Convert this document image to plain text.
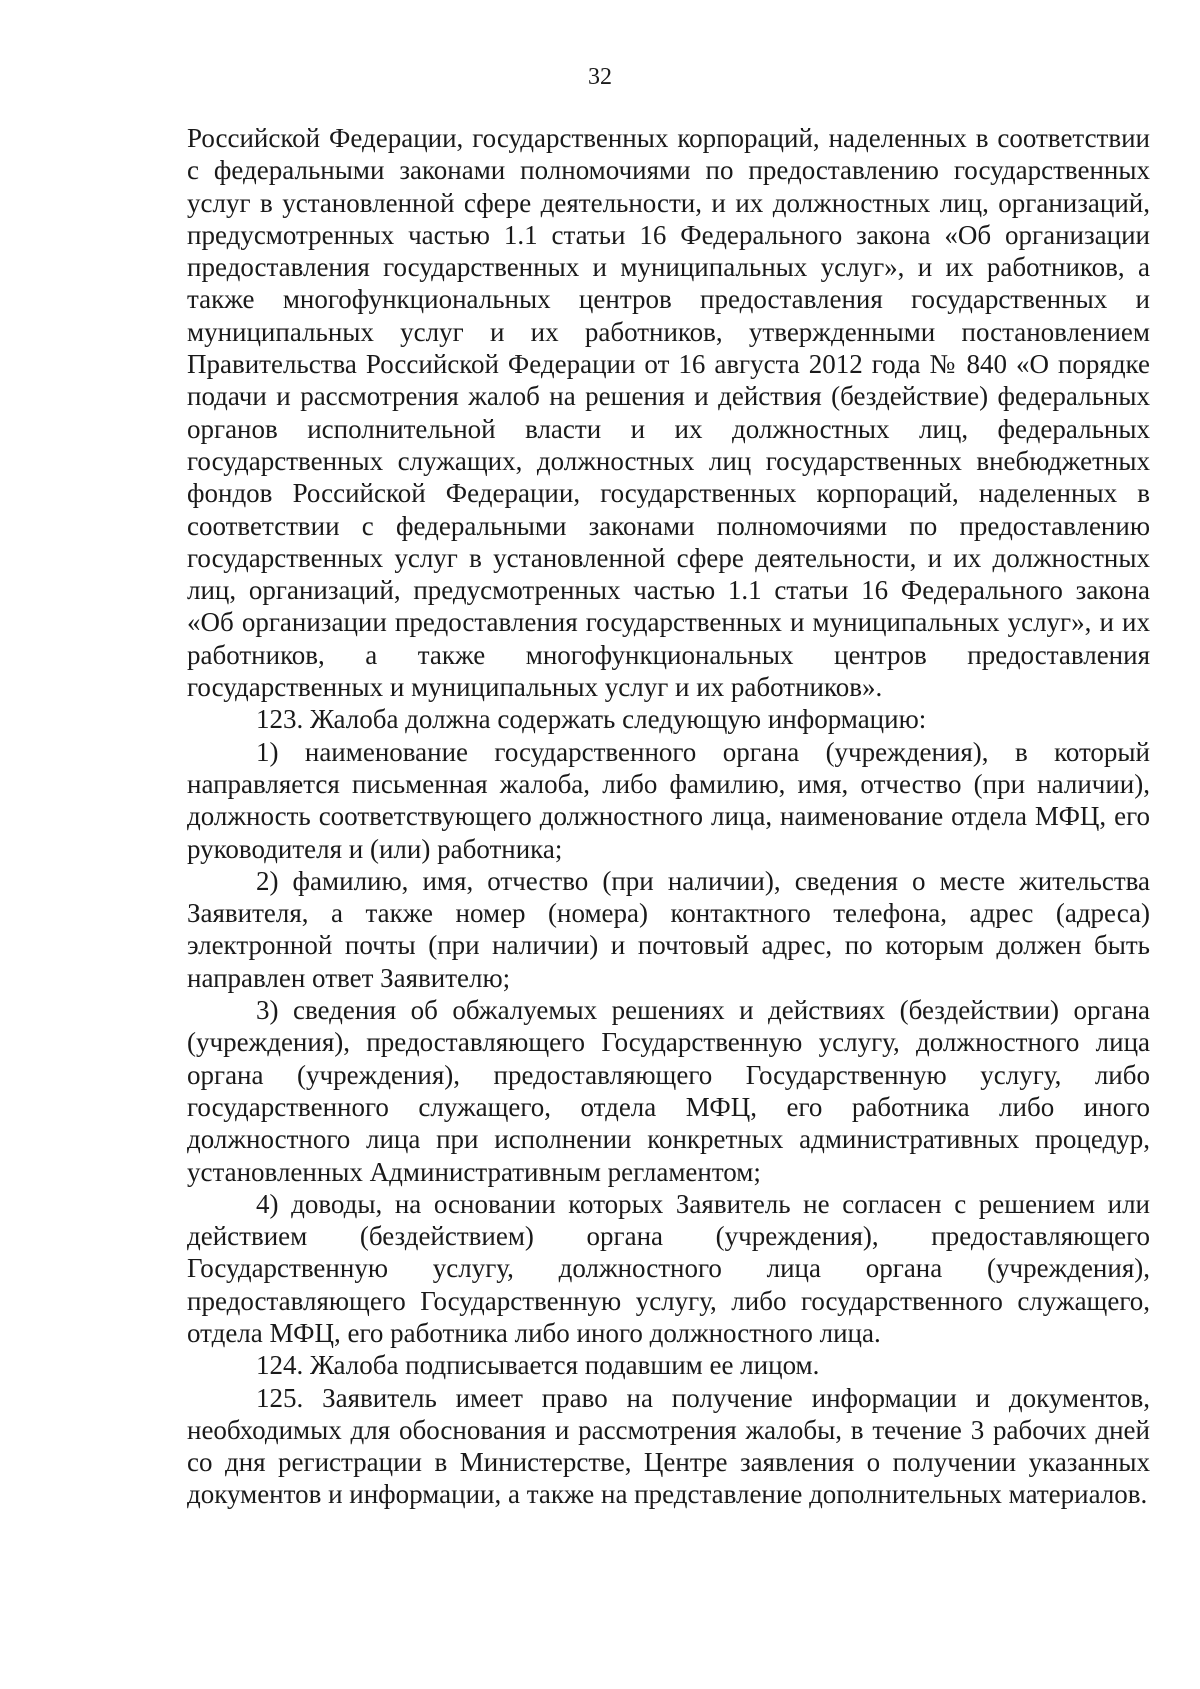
32

Российской Федерации, государственных корпораций, наделенных в соответствии с федеральными законами полномочиями по предоставлению государственных услуг в установленной сфере деятельности, и их должностных лиц, организаций, предусмотренных частью 1.1 статьи 16 Федерального закона «Об организации предоставления государственных и муниципальных услуг», и их работников, а также многофункциональных центров предоставления государственных и муниципальных услуг и их работников, утвержденными постановлением Правительства Российской Федерации от 16 августа 2012 года № 840 «О порядке подачи и рассмотрения жалоб на решения и действия (бездействие) федеральных органов исполнительной власти и их должностных лиц, федеральных государственных служащих, должностных лиц государственных внебюджетных фондов Российской Федерации, государственных корпораций, наделенных в соответствии с федеральными законами полномочиями по предоставлению государственных услуг в установленной сфере деятельности, и их должностных лиц, организаций, предусмотренных частью 1.1 статьи 16 Федерального закона «Об организации предоставления государственных и муниципальных услуг», и их работников, а также многофункциональных центров предоставления государственных и муниципальных услуг и их работников».

123. Жалоба должна содержать следующую информацию:

1) наименование государственного органа (учреждения), в который направляется письменная жалоба, либо фамилию, имя, отчество (при наличии), должность соответствующего должностного лица, наименование отдела МФЦ, его руководителя и (или) работника;

2) фамилию, имя, отчество (при наличии), сведения о месте жительства Заявителя, а также номер (номера) контактного телефона, адрес (адреса) электронной почты (при наличии) и почтовый адрес, по которым должен быть направлен ответ Заявителю;

3) сведения об обжалуемых решениях и действиях (бездействии) органа (учреждения), предоставляющего Государственную услугу, должностного лица органа (учреждения), предоставляющего Государственную услугу, либо государственного служащего, отдела МФЦ, его работника либо иного должностного лица при исполнении конкретных административных процедур, установленных Административным регламентом;

4) доводы, на основании которых Заявитель не согласен с решением или действием (бездействием) органа (учреждения), предоставляющего Государственную услугу, должностного лица органа (учреждения), предоставляющего Государственную услугу, либо государственного служащего, отдела МФЦ, его работника либо иного должностного лица.

124. Жалоба подписывается подавшим ее лицом.

125. Заявитель имеет право на получение информации и документов, необходимых для обоснования и рассмотрения жалобы, в течение 3 рабочих дней со дня регистрации в Министерстве, Центре заявления о получении указанных документов и информации, а также на представление дополнительных материалов.
